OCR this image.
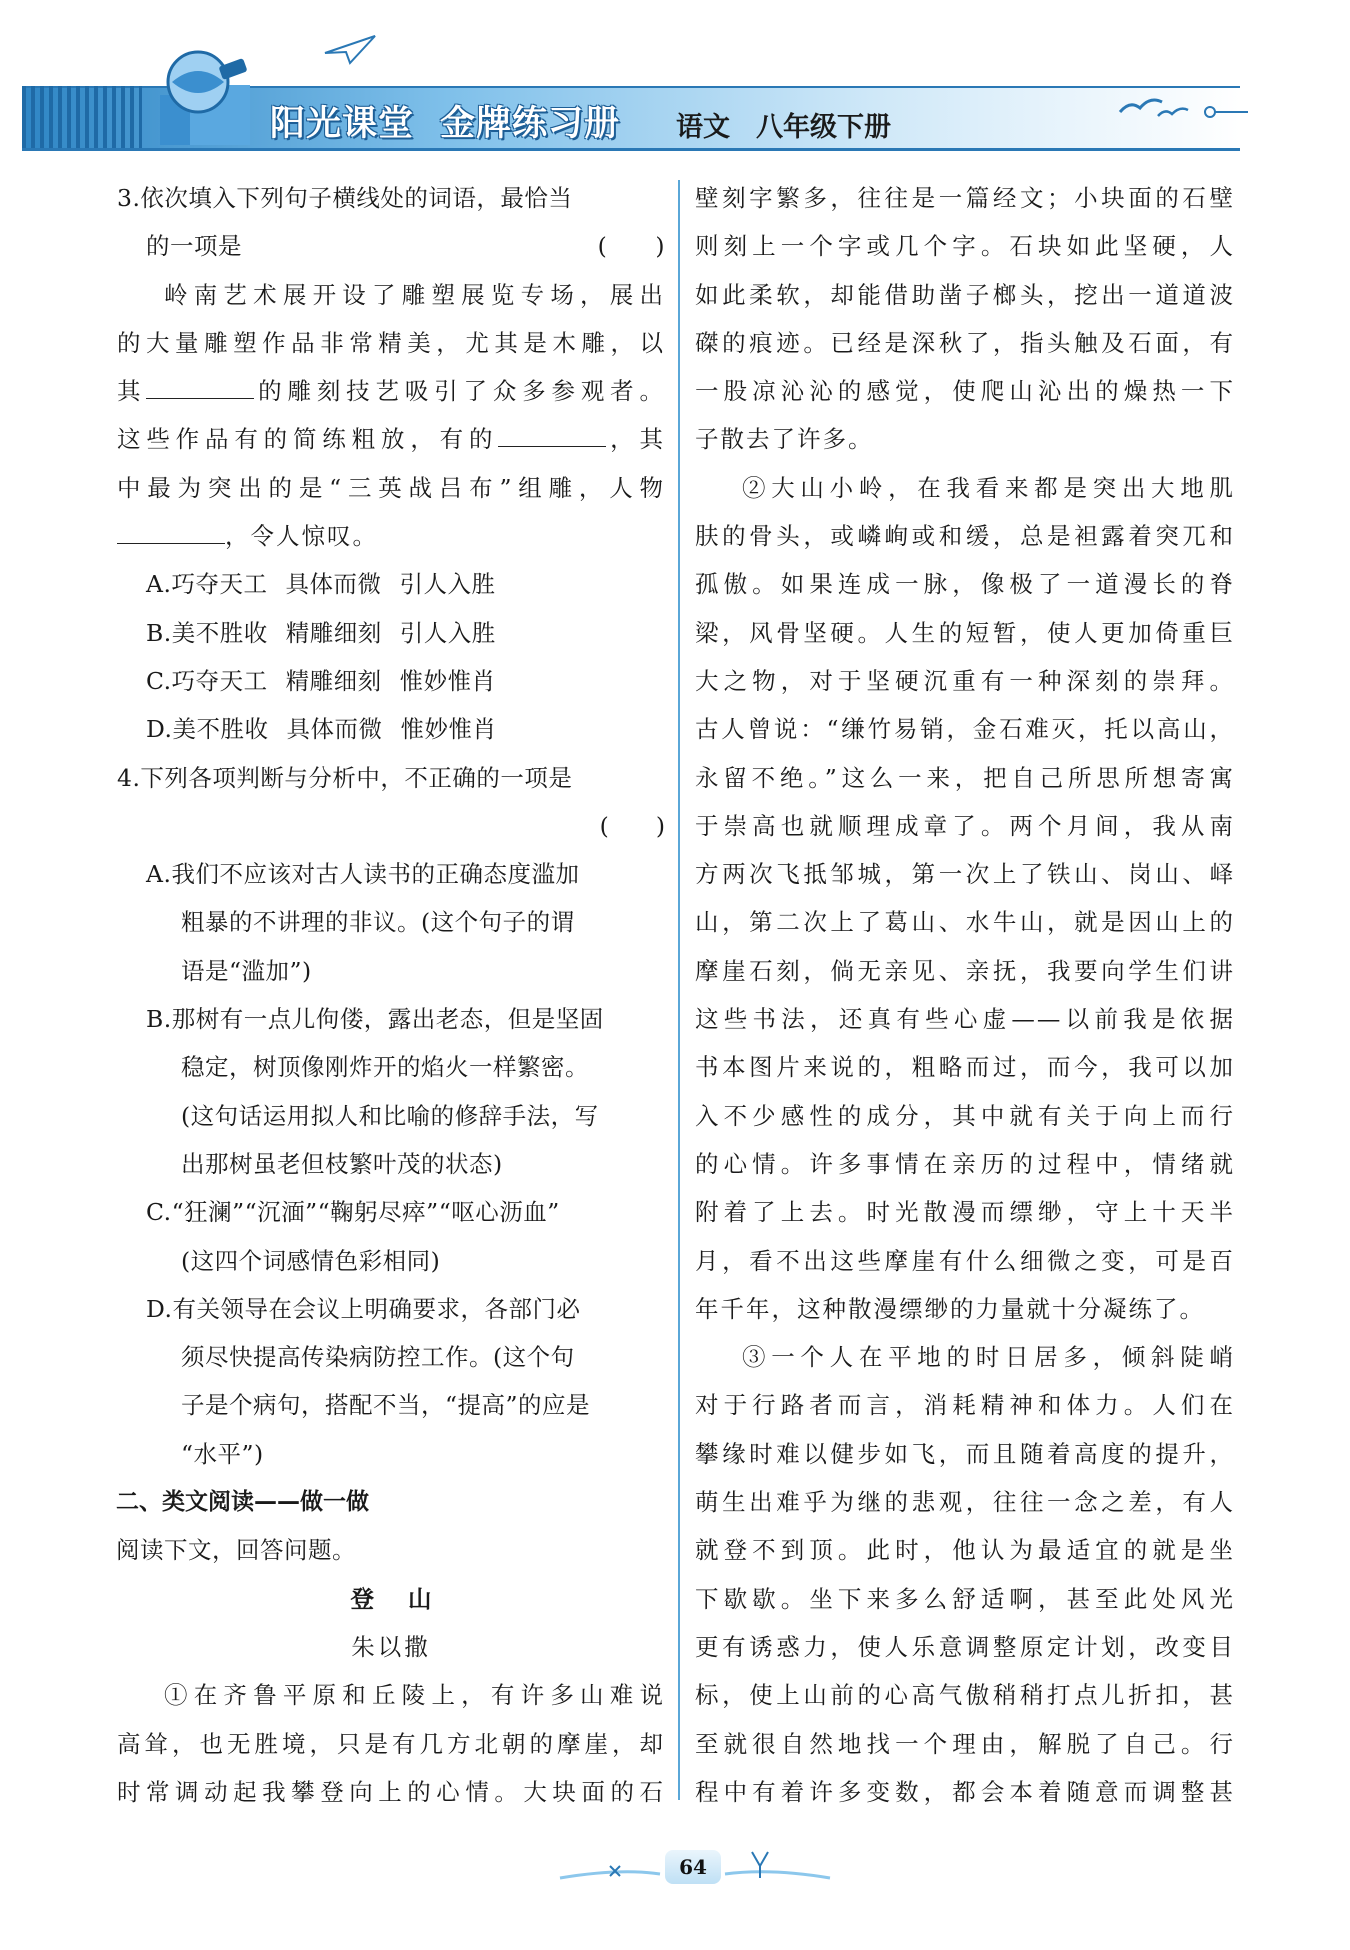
阳光课堂 金牌练习册	语文 八年级下册

3.依次填入下列句子横线处的词语，最恰当

的一项是	(　　)

岭南艺术展开设了雕塑展览专场，展出

的大量雕塑作品非常精美，尤其是木雕，以

其	的雕刻技艺吸引了众多参观者。

这些作品有的简练粗放，有的	，其

中最为突出的是“三英战吕布”组雕，人物

，令人惊叹。

A.巧夺天工 具体而微 引人入胜

B.美不胜收 精雕细刻 引人入胜

C.巧夺天工 精雕细刻 惟妙惟肖

D.美不胜收 具体而微 惟妙惟肖

4.下列各项判断与分析中，不正确的一项是

(　　)

A.我们不应该对古人读书的正确态度滥加

粗暴的不讲理的非议。(这个句子的谓

语是“滥加”)

B.那树有一点儿佝偻，露出老态，但是坚固

稳定，树顶像刚炸开的焰火一样繁密。

(这句话运用拟人和比喻的修辞手法，写

出那树虽老但枝繁叶茂的状态)

C.“狂澜”“沉湎”“鞠躬尽瘁”“呕心沥血”

(这四个词感情色彩相同)

D.有关领导在会议上明确要求，各部门必

须尽快提高传染病防控工作。(这个句

子是个病句，搭配不当，“提高”的应是

“水平”)

二、类文阅读——做一做

阅读下文，回答问题。

登山

朱以撒

①在齐鲁平原和丘陵上，有许多山难说

高耸，也无胜境，只是有几方北朝的摩崖，却

时常调动起我攀登向上的心情。大块面的石

壁刻字繁多，往往是一篇经文；小块面的石壁

则刻上一个字或几个字。石块如此坚硬，人

如此柔软，却能借助凿子榔头，挖出一道道波

磔的痕迹。已经是深秋了，指头触及石面，有

一股凉沁沁的感觉，使爬山沁出的燥热一下

子散去了许多。

②大山小岭，在我看来都是突出大地肌

肤的骨头，或嶙峋或和缓，总是袒露着突兀和

孤傲。如果连成一脉，像极了一道漫长的脊

梁，风骨坚硬。人生的短暂，使人更加倚重巨

大之物，对于坚硬沉重有一种深刻的崇拜。

古人曾说：“缣竹易销，金石难灭，托以高山，

永留不绝。”这么一来，把自己所思所想寄寓

于崇高也就顺理成章了。两个月间，我从南

方两次飞抵邹城，第一次上了铁山、岗山、峄

山，第二次上了葛山、水牛山，就是因山上的

摩崖石刻，倘无亲见、亲抚，我要向学生们讲

这些书法，还真有些心虚——以前我是依据

书本图片来说的，粗略而过，而今，我可以加

入不少感性的成分，其中就有关于向上而行

的心情。许多事情在亲历的过程中，情绪就

附着了上去。时光散漫而缥缈，守上十天半

月，看不出这些摩崖有什么细微之变，可是百

年千年，这种散漫缥缈的力量就十分凝练了。

③一个人在平地的时日居多，倾斜陡峭

对于行路者而言，消耗精神和体力。人们在

攀缘时难以健步如飞，而且随着高度的提升，

萌生出难乎为继的悲观，往往一念之差，有人

就登不到顶。此时，他认为最适宜的就是坐

下歇歇。坐下来多么舒适啊，甚至此处风光

更有诱惑力，使人乐意调整原定计划，改变目

标，使上山前的心高气傲稍稍打点儿折扣，甚

至就很自然地找一个理由，解脱了自己。行

程中有着许多变数，都会本着随意而调整甚

64
